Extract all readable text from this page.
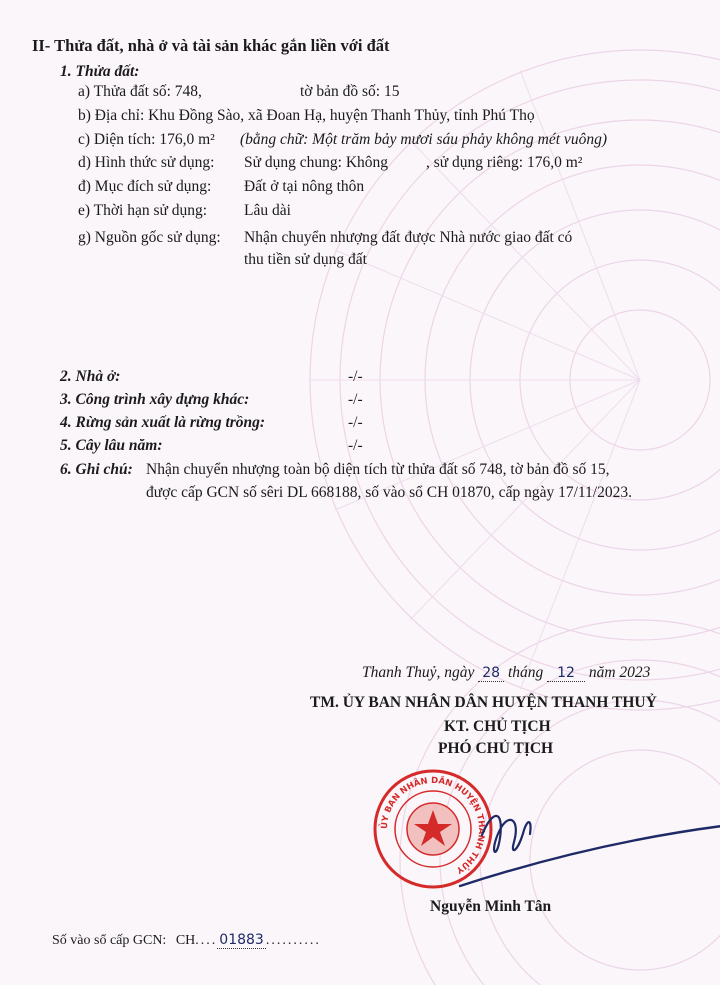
II- Thửa đất, nhà ở và tài sản khác gắn liền với đất
1. Thửa đất:
a) Thửa đất số: 748,	tờ bản đồ số: 15
b) Địa chỉ: Khu Đồng Sào, xã Đoan Hạ, huyện Thanh Thủy, tỉnh Phú Thọ
c) Diện tích: 176,0 m² (bằng chữ: Một trăm bảy mươi sáu phảy không mét vuông)
d) Hình thức sử dụng: Sử dụng chung: Không , sử dụng riêng: 176,0 m²
đ) Mục đích sử dụng: Đất ở tại nông thôn
e) Thời hạn sử dụng: Lâu dài
g) Nguồn gốc sử dụng: Nhận chuyển nhượng đất được Nhà nước giao đất có
thu tiền sử dụng đất
2. Nhà ở:	-/-
3. Công trình xây dựng khác:	-/-
4. Rừng sản xuất là rừng trồng:	-/-
5. Cây lâu năm:	-/-
6. Ghi chú: Nhận chuyển nhượng toàn bộ diện tích từ thửa đất số 748, tờ bản đồ số 15,
được cấp GCN số sêri DL 668188, số vào sổ CH 01870, cấp ngày 17/11/2023.
Thanh Thuỷ, ngày 28 tháng 12 năm 2023
TM. ỦY BAN NHÂN DÂN HUYỆN THANH THUỶ
KT. CHỦ TỊCH
PHÓ CHỦ TỊCH
ỦY BAN NHÂN DÂN HUYỆN THANH THỦY
Nguyễn Minh Tân
Số vào sổ cấp GCN: CH.... 01883 ..........
